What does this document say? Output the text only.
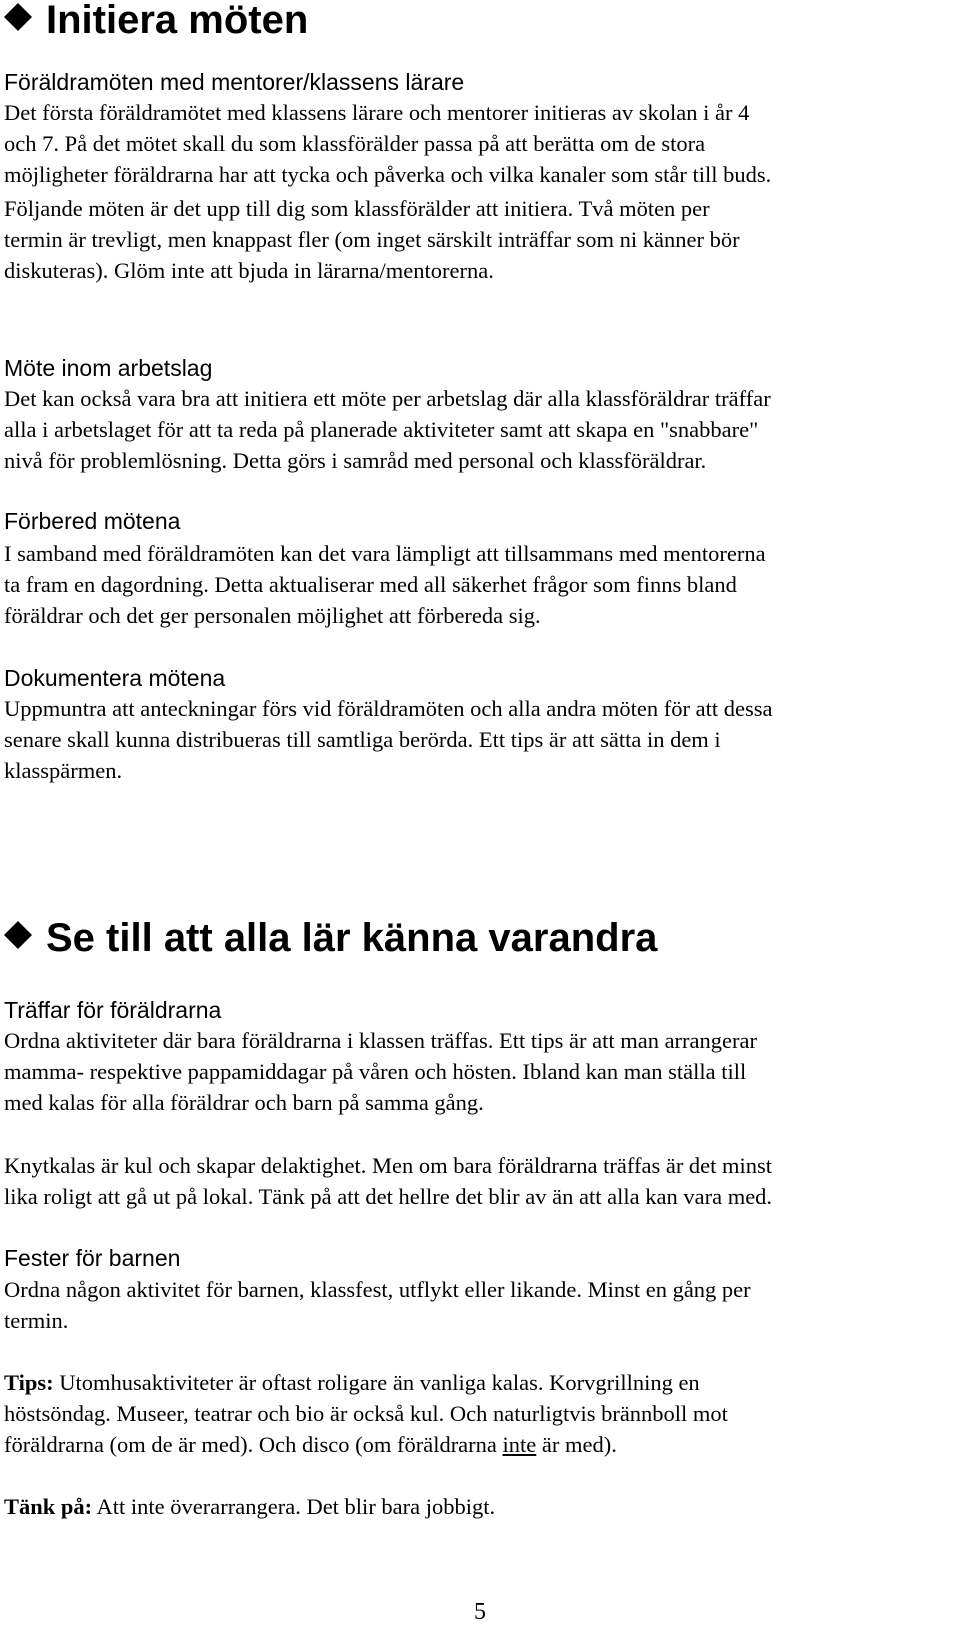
Initiera möten
Föräldramöten med mentorer/klassens lärare
Det första föräldramötet med klassens lärare och mentorer initieras av skolan i år 4
och 7. På det mötet skall du som klassförälder passa på att berätta om de stora
möjligheter föräldrarna har att tycka och påverka och vilka kanaler som står till buds.
Följande möten är det upp till dig som klassförälder att initiera. Två möten per
termin är trevligt, men knappast fler (om inget särskilt inträffar som ni känner bör
diskuteras). Glöm inte att bjuda in lärarna/mentorerna.
Möte inom arbetslag
Det kan också vara bra att initiera ett möte per arbetslag där alla klassföräldrar träffar
alla i arbetslaget för att ta reda på planerade aktiviteter samt att skapa en "snabbare"
nivå för problemlösning. Detta görs i samråd med personal och klassföräldrar.
Förbered mötena
I samband med föräldramöten kan det vara lämpligt att tillsammans med mentorerna
ta fram en dagordning. Detta aktualiserar med all säkerhet frågor som finns bland
föräldrar och det ger personalen möjlighet att förbereda sig.
Dokumentera mötena
Uppmuntra att anteckningar förs vid föräldramöten och alla andra möten för att dessa
senare skall kunna distribueras till samtliga berörda. Ett tips är att sätta in dem i
klasspärmen.
Se till att alla lär känna varandra
Träffar för föräldrarna
Ordna aktiviteter där bara föräldrarna i klassen träffas. Ett tips är att man arrangerar
mamma- respektive pappamiddagar på våren och hösten. Ibland kan man ställa till
med kalas för alla föräldrar och barn på samma gång.
Knytkalas är kul och skapar delaktighet. Men om bara föräldrarna träffas är det minst
lika roligt att gå ut på lokal. Tänk på att det hellre det blir av än att alla kan vara med.
Fester för barnen
Ordna någon aktivitet för barnen, klassfest, utflykt eller likande. Minst en gång per
termin.
Tips: Utomhusaktiviteter är oftast roligare än vanliga kalas. Korvgrillning en
höstsöndag. Museer, teatrar och bio är också kul. Och naturligtvis brännboll mot
föräldrarna (om de är med). Och disco (om föräldrarna inte är med).
Tänk på: Att inte överarrangera. Det blir bara jobbigt.
5
